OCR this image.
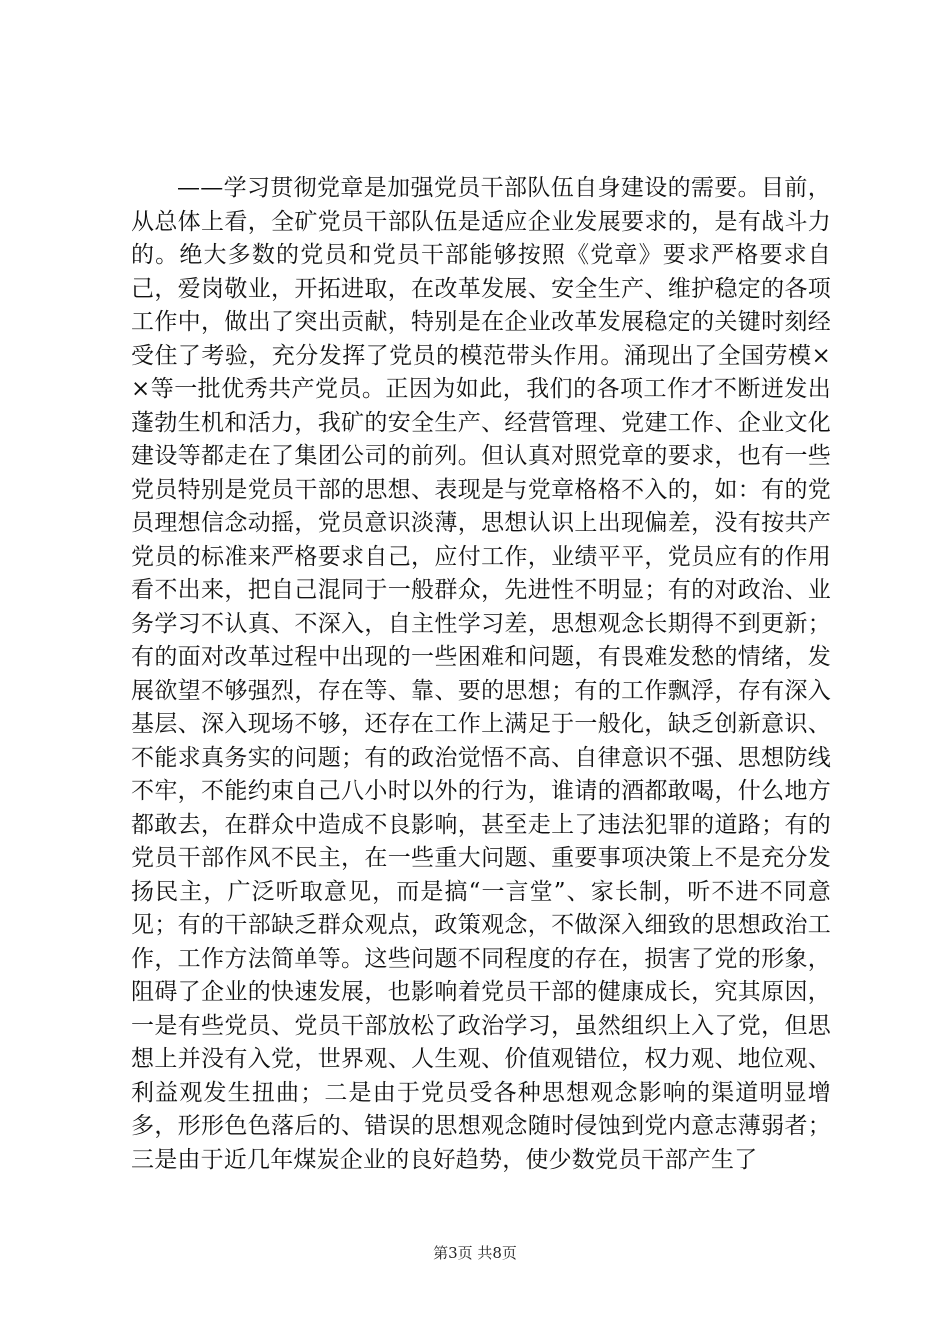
——学习贯彻党章是加强党员干部队伍自身建设的需要。目前，从总体上看，全矿党员干部队伍是适应企业发展要求的，是有战斗力的。绝大多数的党员和党员干部能够按照《党章》要求严格要求自己，爱岗敬业，开拓进取，在改革发展、安全生产、维护稳定的各项工作中，做出了突出贡献，特别是在企业改革发展稳定的关键时刻经受住了考验，充分发挥了党员的模范带头作用。涌现出了全国劳模××等一批优秀共产党员。正因为如此，我们的各项工作才不断迸发出蓬勃生机和活力，我矿的安全生产、经营管理、党建工作、企业文化建设等都走在了集团公司的前列。但认真对照党章的要求，也有一些党员特别是党员干部的思想、表现是与党章格格不入的，如：有的党员理想信念动摇，党员意识淡薄，思想认识上出现偏差，没有按共产党员的标准来严格要求自己，应付工作，业绩平平，党员应有的作用看不出来，把自己混同于一般群众，先进性不明显；有的对政治、业务学习不认真、不深入，自主性学习差，思想观念长期得不到更新；有的面对改革过程中出现的一些困难和问题，有畏难发愁的情绪，发展欲望不够强烈，存在等、靠、要的思想；有的工作飘浮，存有深入基层、深入现场不够，还存在工作上满足于一般化，缺乏创新意识、不能求真务实的问题；有的政治觉悟不高、自律意识不强、思想防线不牢，不能约束自己八小时以外的行为，谁请的酒都敢喝，什么地方都敢去，在群众中造成不良影响，甚至走上了违法犯罪的道路；有的党员干部作风不民主，在一些重大问题、重要事项决策上不是充分发扬民主，广泛听取意见，而是搞“一言堂”、家长制，听不进不同意见；有的干部缺乏群众观点，政策观念，不做深入细致的思想政治工作，工作方法简单等。这些问题不同程度的存在，损害了党的形象，阻碍了企业的快速发展，也影响着党员干部的健康成长，究其原因，一是有些党员、党员干部放松了政治学习，虽然组织上入了党，但思想上并没有入党，世界观、人生观、价值观错位，权力观、地位观、利益观发生扭曲；二是由于党员受各种思想观念影响的渠道明显增多，形形色色落后的、错误的思想观念随时侵蚀到党内意志薄弱者；三是由于近几年煤炭企业的良好趋势，使少数党员干部产生了

第3页 共8页
